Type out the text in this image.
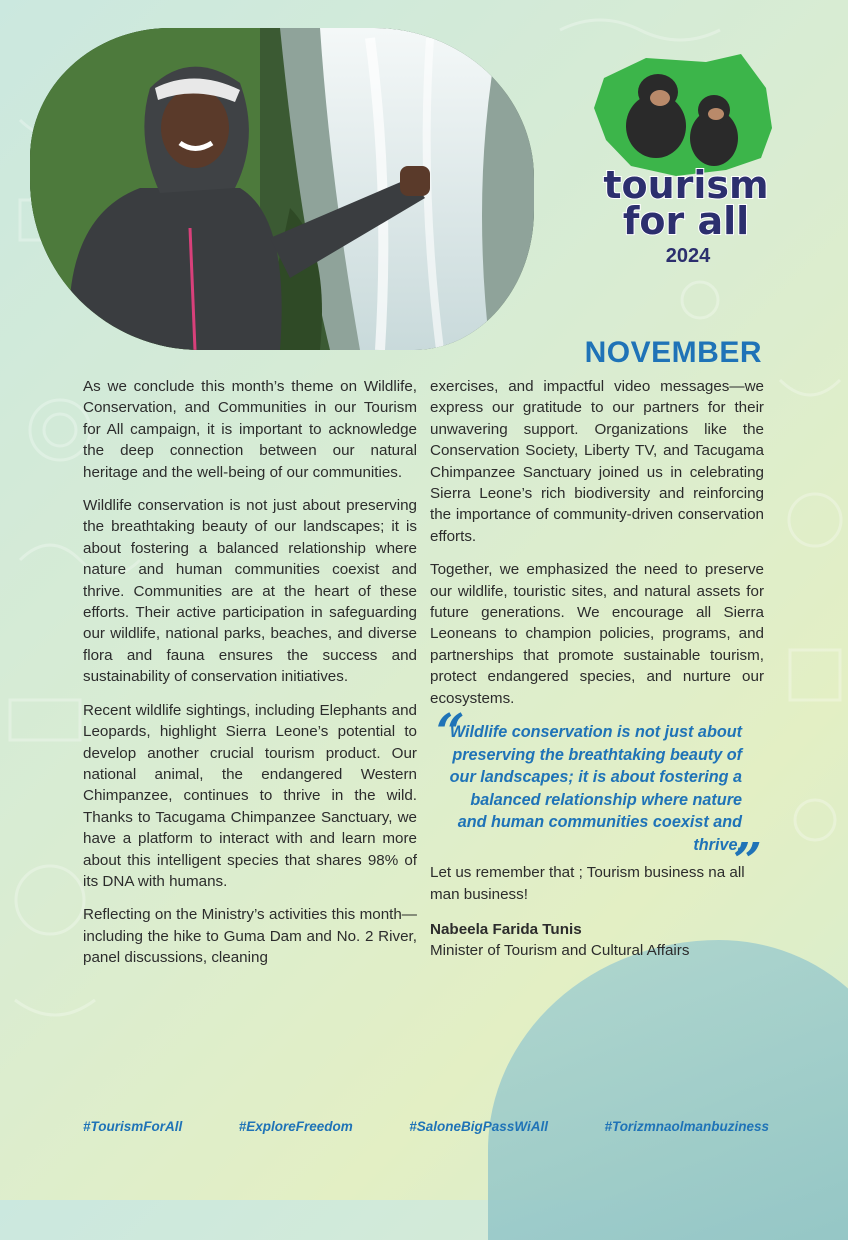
tourism
for all
2024
NOVEMBER

As we conclude this month’s theme on Wildlife, Conservation, and Communities in our Tourism for All campaign, it is important to acknowledge the deep connection between our natural heritage and the well-being of our communities.

Wildlife conservation is not just about preserving the breathtaking beauty of our landscapes; it is about fostering a balanced relationship where nature and human communities coexist and thrive. Communities are at the heart of these efforts. Their active participation in safeguarding our wildlife, national parks, beaches, and diverse flora and fauna ensures the success and sustainability of conservation initiatives.

Recent wildlife sightings, including Elephants and Leopards, highlight Sierra Leone’s potential to develop another crucial tourism product. Our national animal, the endangered Western Chimpanzee, continues to thrive in the wild. Thanks to Tacugama Chimpanzee Sanctuary, we have a platform to interact with and learn more about this intelligent species that shares 98% of its DNA with humans.

Reflecting on the Ministry’s activities this month—including the hike to Guma Dam and No. 2 River, panel discussions, cleaning

exercises, and impactful video messages—we express our gratitude to our partners for their unwavering support. Organizations like the Conservation Society, Liberty TV, and Tacugama Chimpanzee Sanctuary joined us in celebrating Sierra Leone’s rich biodiversity and reinforcing the importance of community-driven conservation efforts.

Together, we emphasized the need to preserve our wildlife, touristic sites, and natural assets for future generations. We encourage all Sierra Leoneans to champion policies, programs, and partnerships that promote sustainable tourism, protect endangered species, and nurture our ecosystems.

“
Wildlife conservation is not just about preserving the breathtaking beauty of our landscapes; it is about fostering a balanced relationship where nature and human communities coexist and thrive.
”

Let us remember that ; Tourism business na all man business!

Nabeela Farida Tunis
Minister of Tourism and Cultural Affairs
#TourismForAll	#ExploreFreedom	#SaloneBigPassWiAll	#Torizmnaolmanbuziness
